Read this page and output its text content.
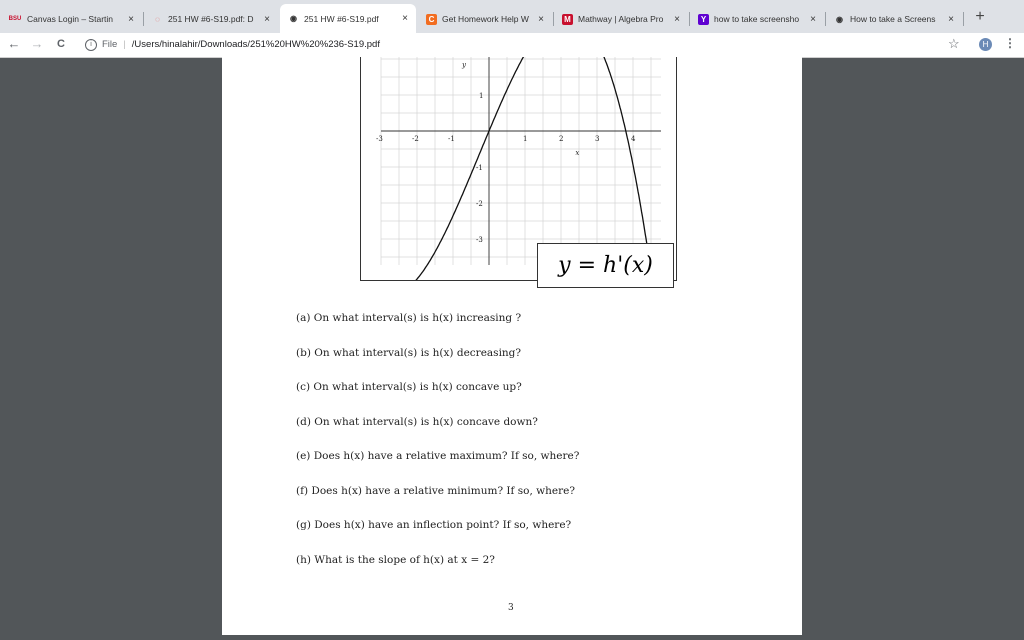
BSU Canvas Login – Startin	×	◌ 251 HW #6-S19.pdf: D	×	◉ 251 HW #6-S19.pdf	×	C Get Homework Help W ×	M Mathway | Algebra Pro	×	Y how to take screensho	×	◉ How to take a Screens	× +
← →	C	i	File | /Users/hinalahir/Downloads/251%20HW%20%236-S19.pdf	☆	H	⋮
-3	-2	-1	1	2	3	4
1
-1
-2
-3
y
x
y = h'(x)
(a) On what interval(s) is h(x) increasing ?
(b) On what interval(s) is h(x) decreasing?
(c) On what interval(s) is h(x) concave up?
(d) On what interval(s) is h(x) concave down?
(e) Does h(x) have a relative maximum? If so, where?
(f) Does h(x) have a relative minimum? If so, where?
(g) Does h(x) have an inflection point? If so, where?
(h) What is the slope of h(x) at x = 2?
3
